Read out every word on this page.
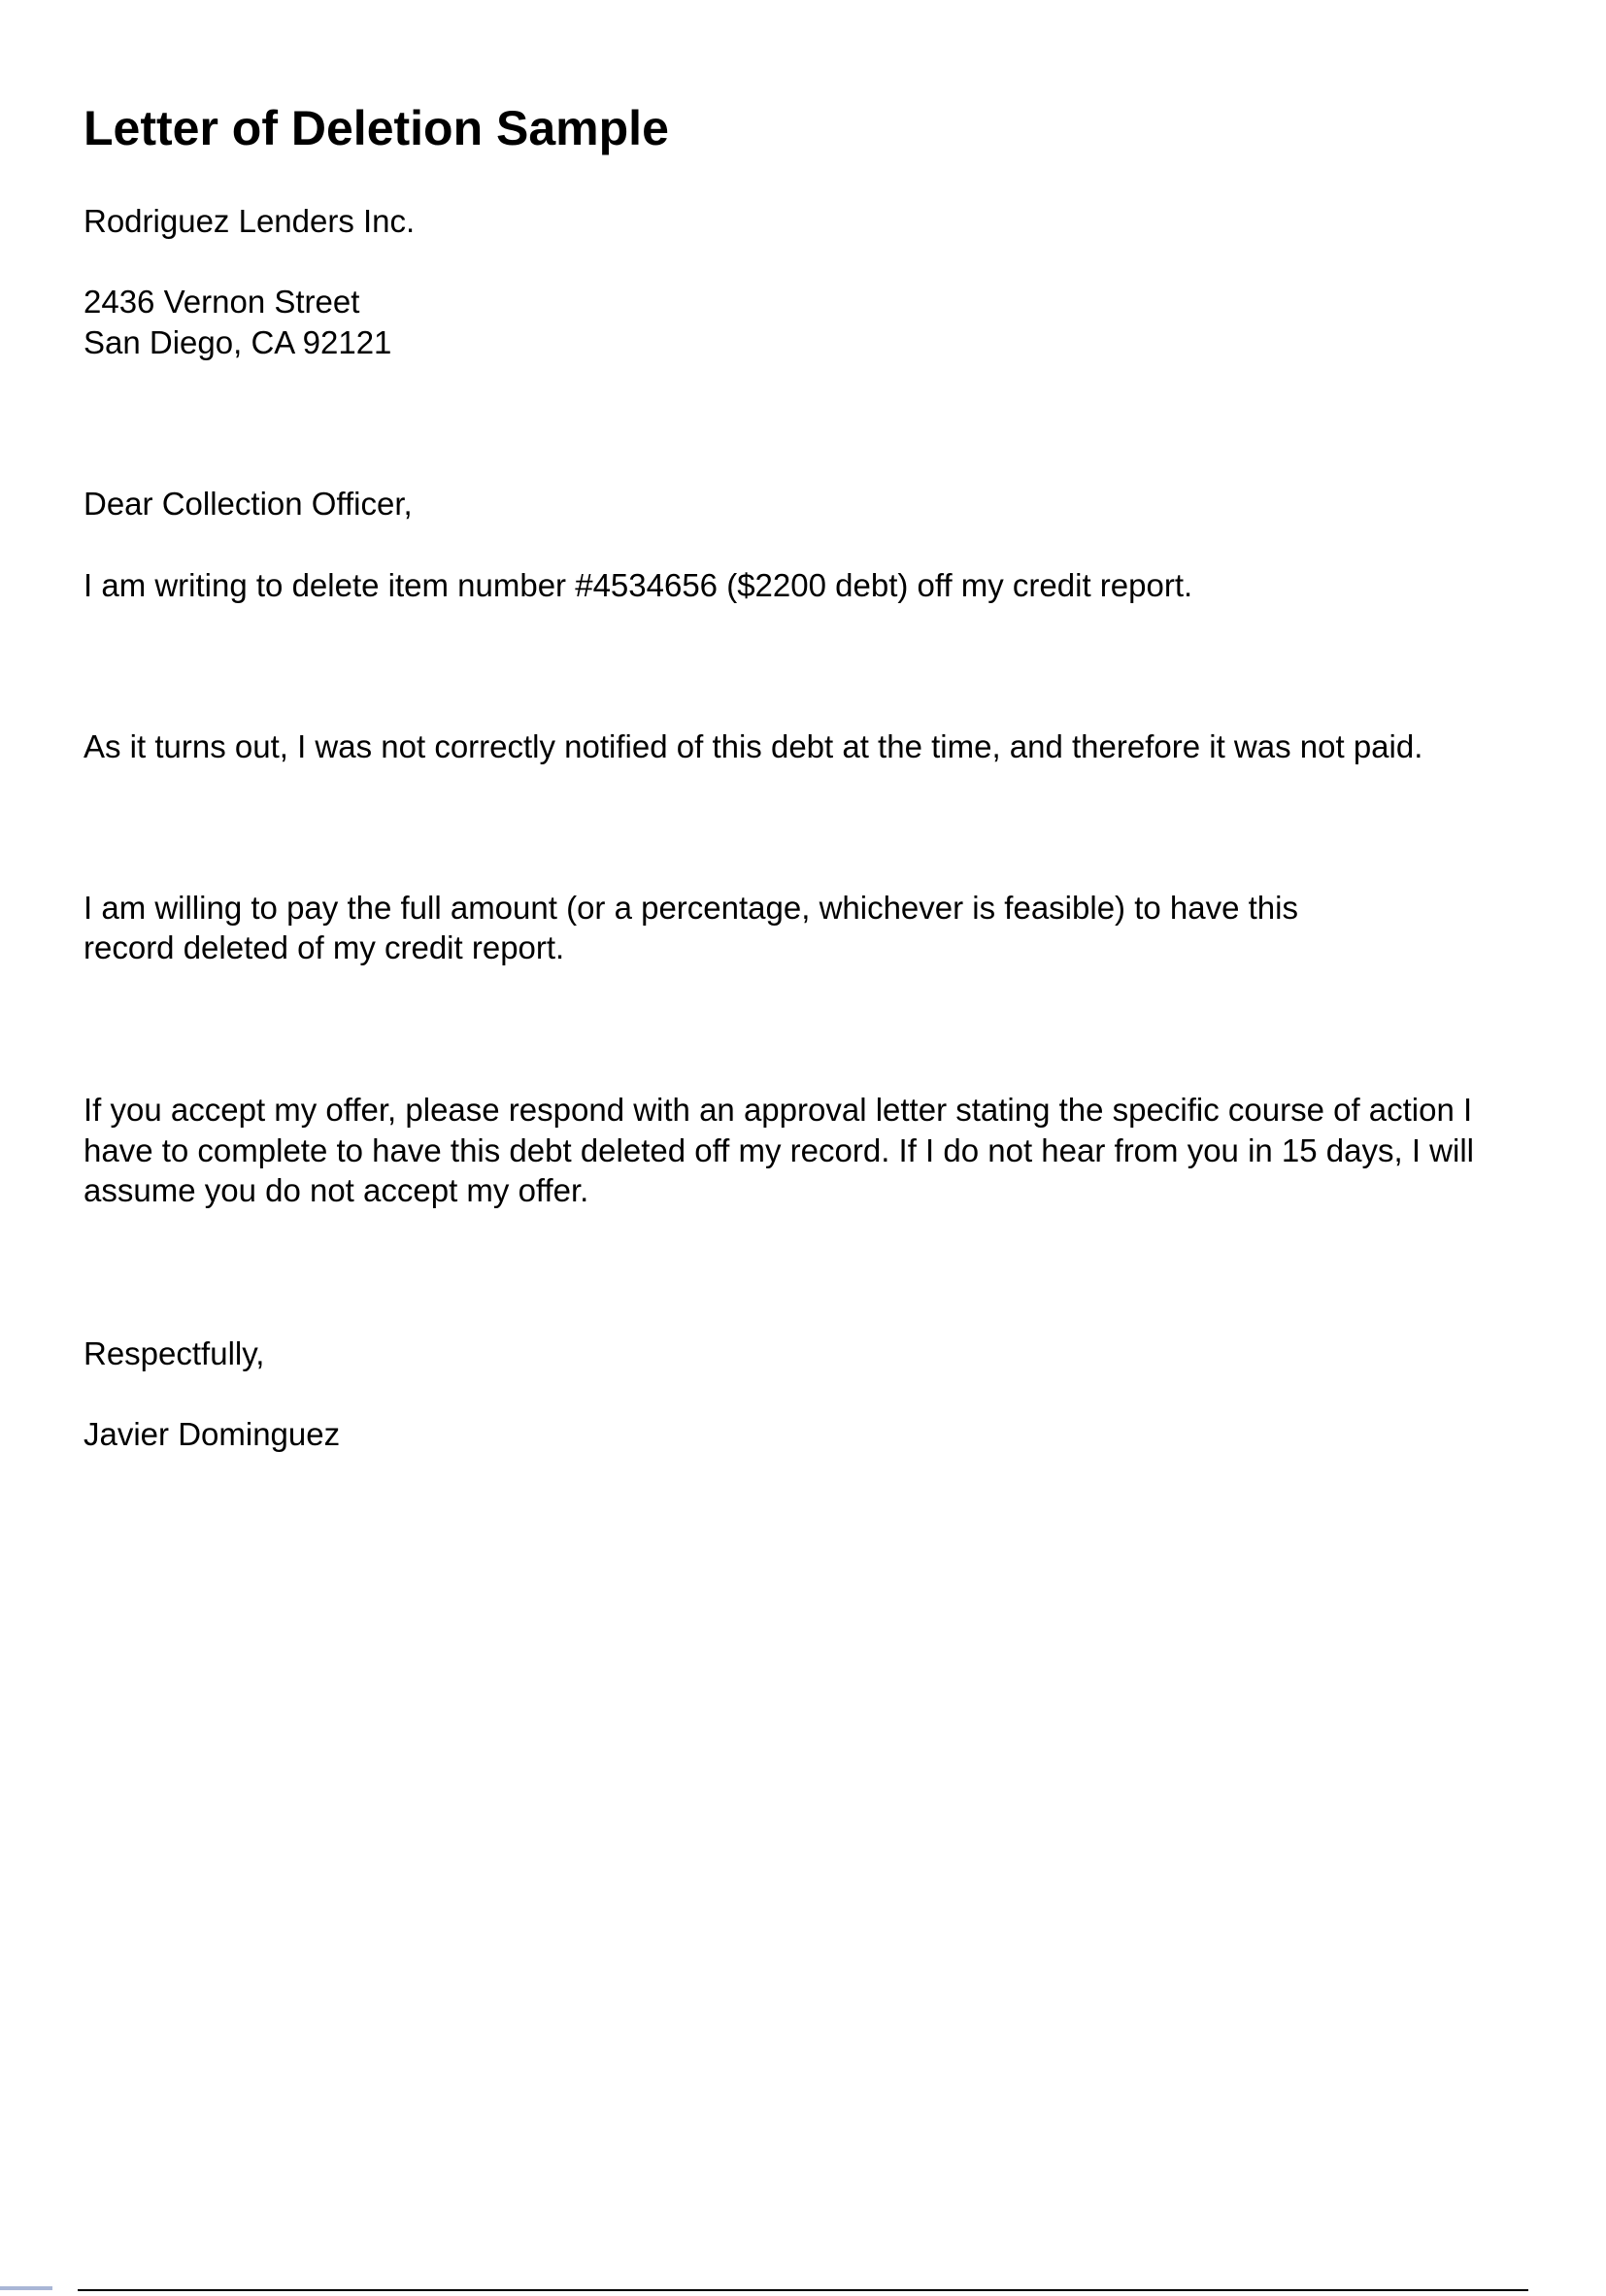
Letter of Deletion Sample

Rodriguez Lenders Inc.

2436 Vernon Street

San Diego, CA 92121

Dear Collection Officer,

I am writing to delete item number #4534656 ($2200 debt) off my credit report.

As it turns out, I was not correctly notified of this debt at the time, and therefore it was not paid.

I am willing to pay the full amount (or a percentage, whichever is feasible) to have this

record deleted of my credit report.

If you accept my offer, please respond with an approval letter stating the specific course of action I

have to complete to have this debt deleted off my record. If I do not hear from you in 15 days, I will

assume you do not accept my offer.

Respectfully,

Javier Dominguez
